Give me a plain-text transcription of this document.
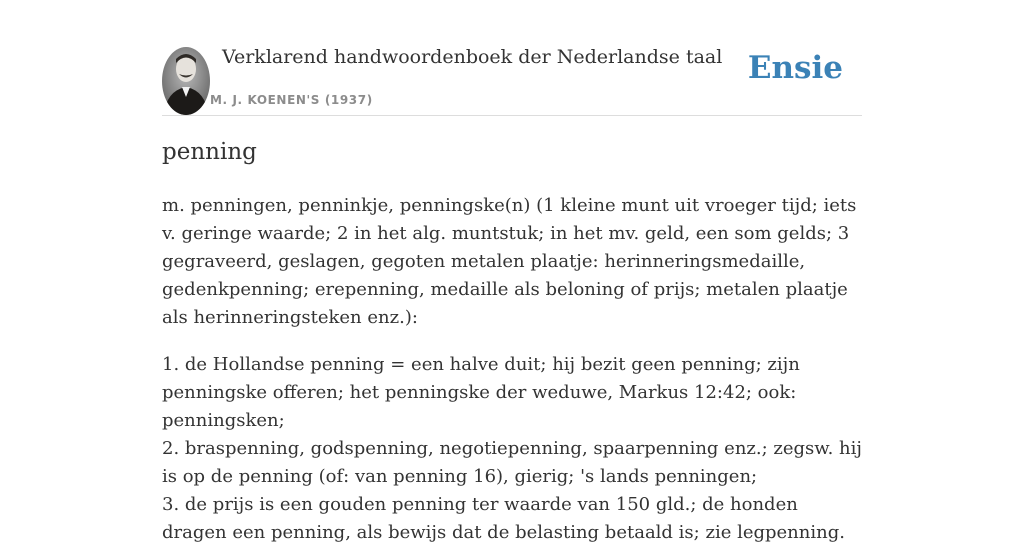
Verklarend handwoordenboek der Nederlandse taal
M. J. KOENEN'S (1937)
Ensie
penning

m. penningen, penninkje, penningske(n) (1 kleine munt uit vroeger tijd; iets v. geringe waarde; 2 in het alg. muntstuk; in het mv. geld, een som gelds; 3 gegraveerd, geslagen, gegoten metalen plaatje: herinneringsmedaille, gedenkpenning; erepenning, medaille als beloning of prijs; metalen plaatje als herinneringsteken enz.):

1. de Hollandse penning = een halve duit; hij bezit geen penning; zijn penningske offeren; het penningske der weduwe, Markus 12:42; ook: penningsken;
2. braspenning, godspenning, negotiepenning, spaarpenning enz.; zegsw. hij is op de penning (of: van penning 16), gierig; 's lands penningen;
3. de prijs is een gouden penning ter waarde van 150 gld.; de honden dragen een penning, als bewijs dat de belasting betaald is; zie legpenning.
